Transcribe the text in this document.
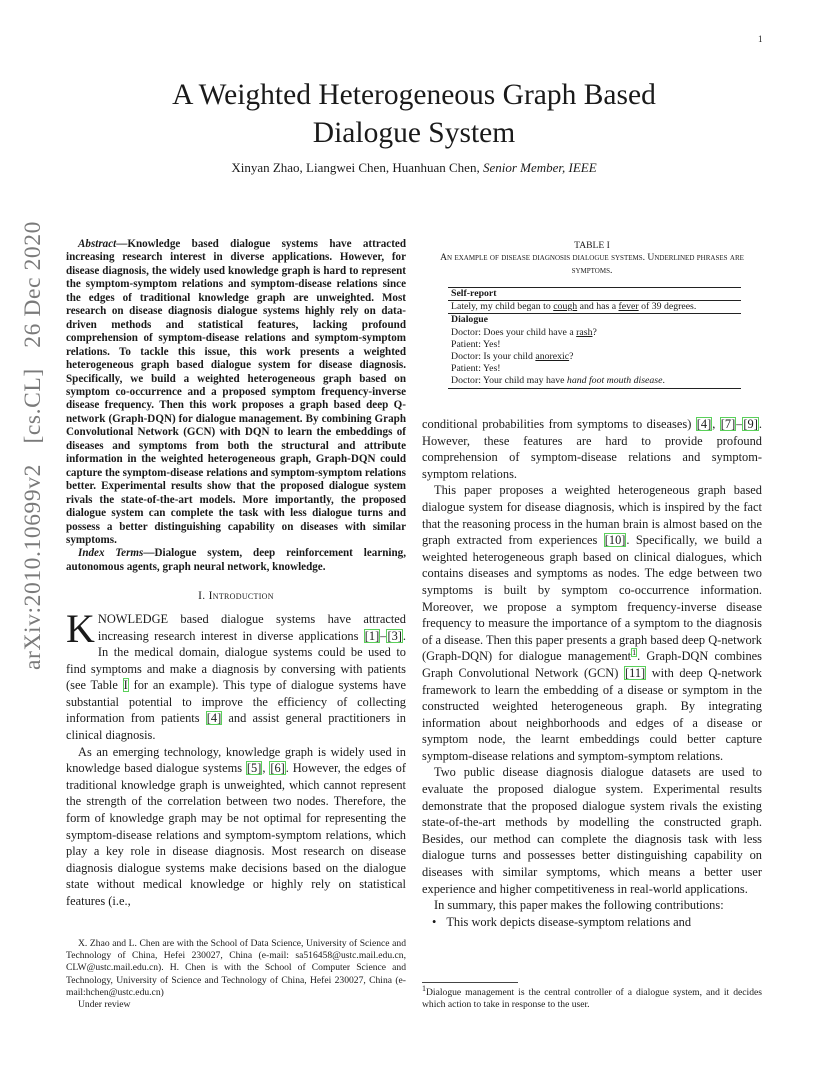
1
arXiv:2010.10699v2 [cs.CL] 26 Dec 2020
A Weighted Heterogeneous Graph Based
Dialogue System
Xinyan Zhao, Liangwei Chen, Huanhuan Chen, Senior Member, IEEE

Abstract—Knowledge based dialogue systems have attracted increasing research interest in diverse applications. However, for disease diagnosis, the widely used knowledge graph is hard to represent the symptom-symptom relations and symptom-disease relations since the edges of traditional knowledge graph are unweighted. Most research on disease diagnosis dialogue systems highly rely on data-driven methods and statistical features, lacking profound comprehension of symptom-disease relations and symptom-symptom relations. To tackle this issue, this work presents a weighted heterogeneous graph based dialogue system for disease diagnosis. Specifically, we build a weighted heterogeneous graph based on symptom co-occurrence and a proposed symptom frequency-inverse disease frequency. Then this work proposes a graph based deep Q-network (Graph-DQN) for dialogue management. By combining Graph Convolutional Network (GCN) with DQN to learn the embeddings of diseases and symptoms from both the structural and attribute information in the weighted heterogeneous graph, Graph-DQN could capture the symptom-disease relations and symptom-symptom relations better. Experimental results show that the proposed dialogue system rivals the state-of-the-art models. More importantly, the proposed dialogue system can complete the task with less dialogue turns and possess a better distinguishing capability on diseases with similar symptoms.

Index Terms—Dialogue system, deep reinforcement learning, autonomous agents, graph neural network, knowledge.

I. Introduction

KNOWLEDGE based dialogue systems have attracted increasing research interest in diverse applications [1]–[3]. In the medical domain, dialogue systems could be used to find symptoms and make a diagnosis by conversing with patients (see Table I for an example). This type of dialogue systems have substantial potential to improve the efficiency of collecting information from patients [4] and assist general practitioners in clinical diagnosis.

As an emerging technology, knowledge graph is widely used in knowledge based dialogue systems [5], [6]. However, the edges of traditional knowledge graph is unweighted, which cannot represent the strength of the correlation between two nodes. Therefore, the form of knowledge graph may be not optimal for representing the symptom-disease relations and symptom-symptom relations, which play a key role in disease diagnosis. Most research on disease diagnosis dialogue systems make decisions based on the dialogue state without medical knowledge or highly rely on statistical features (i.e.,

X. Zhao and L. Chen are with the School of Data Science, University of Science and Technology of China, Hefei 230027, China (e-mail: sa516458@ustc.mail.edu.cn, CLW@ustc.mail.edu.cn). H. Chen is with the School of Computer Science and Technology, University of Science and Technology of China, Hefei 230027, China (e-mail:hchen@ustc.edu.cn)

Under review

TABLE I
An example of disease diagnosis dialogue systems. Underlined phrases are symptoms.
Self-report
Lately, my child began to cough and has a fever of 39 degrees.
Dialogue
Doctor: Does your child have a rash?
Patient: Yes!
Doctor: Is your child anorexic?
Patient: Yes!
Doctor: Your child may have hand foot mouth disease.

conditional probabilities from symptoms to diseases) [4], [7]–[9]. However, these features are hard to provide profound comprehension of symptom-disease relations and symptom-symptom relations.

This paper proposes a weighted heterogeneous graph based dialogue system for disease diagnosis, which is inspired by the fact that the reasoning process in the human brain is almost based on the graph extracted from experiences [10]. Specifically, we build a weighted heterogeneous graph based on clinical dialogues, which contains diseases and symptoms as nodes. The edge between two symptoms is built by symptom co-occurrence information. Moreover, we propose a symptom frequency-inverse disease frequency to measure the importance of a symptom to the diagnosis of a disease. Then this paper presents a graph based deep Q-network (Graph-DQN) for dialogue management$^1$. Graph-DQN combines Graph Convolutional Network (GCN) [11] with deep Q-network framework to learn the embedding of a disease or symptom in the constructed weighted heterogeneous graph. By integrating information about neighborhoods and edges of a disease or symptom node, the learnt embeddings could better capture symptom-disease relations and symptom-symptom relations.

Two public disease diagnosis dialogue datasets are used to evaluate the proposed dialogue system. Experimental results demonstrate that the proposed dialogue system rivals the existing state-of-the-art methods by modelling the constructed graph. Besides, our method can complete the diagnosis task with less dialogue turns and possesses better distinguishing capability on diseases with similar symptoms, which means a better user experience and higher competitiveness in real-world applications.

In summary, this paper makes the following contributions:

• This work depicts disease-symptom relations and
$^1$Dialogue management is the central controller of a dialogue system, and it decides which action to take in response to the user.
